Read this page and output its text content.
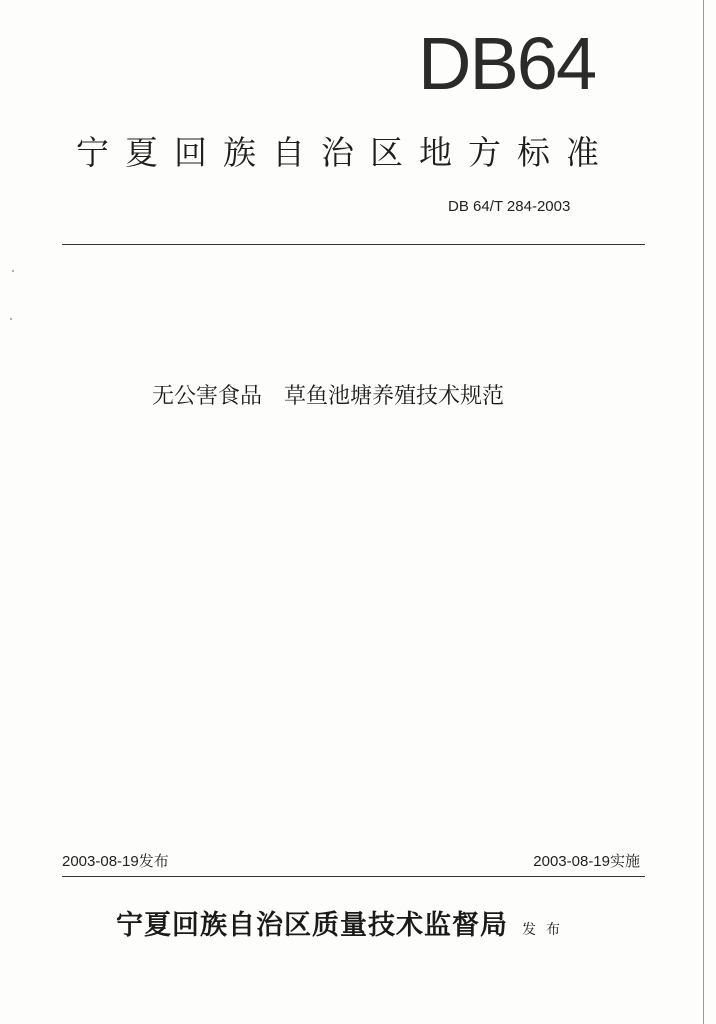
DB64
宁夏回族自治区地方标准
DB 64/T 284-2003
无公害食品　草鱼池塘养殖技术规范
2003-08-19发布	2003-08-19实施
宁夏回族自治区质量技术监督局 发布
